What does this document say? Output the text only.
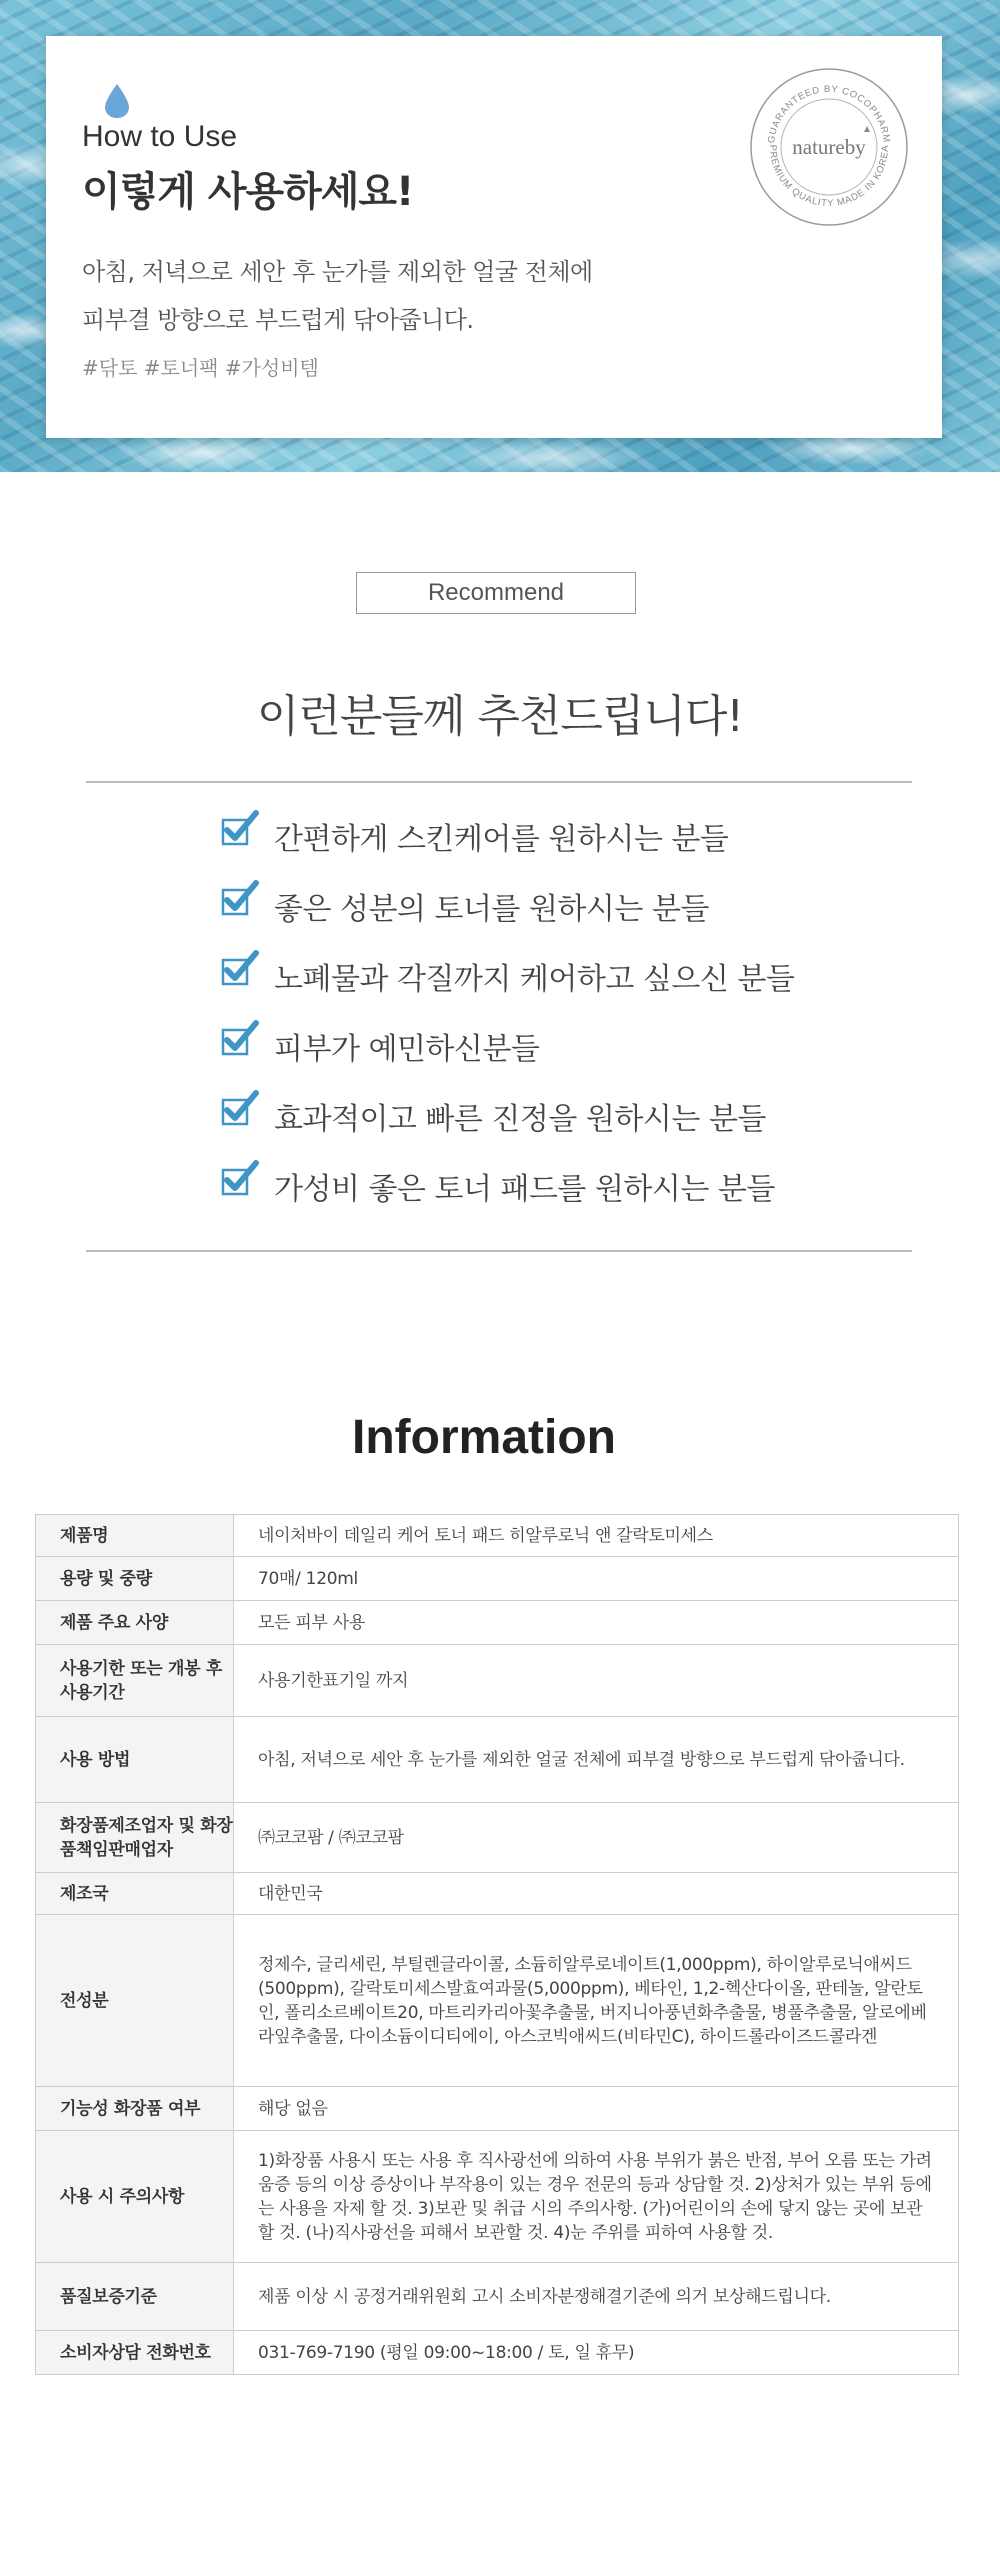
How to Use
이렇게 사용하세요!
아침, 저녁으로 세안 후 눈가를 제외한 얼굴 전체에
피부결 방향으로 부드럽게 닦아줍니다.
#닦토 #토너팩 #가성비템
GUARANTEED BY COCOPHARM
PREMIUM QUALITY MADE IN KOREA
natureby
Recommend
이런분들께 추천드립니다!
간편하게 스킨케어를 원하시는 분들
좋은 성분의 토너를 원하시는 분들
노폐물과 각질까지 케어하고 싶으신 분들
피부가 예민하신분들
효과적이고 빠른 진정을 원하시는 분들
가성비 좋은 토너 패드를 원하시는 분들
Information
제품명	네이처바이 데일리 케어 토너 패드 히알루로닉 앤 갈락토미세스
용량 및 중량	70매/ 120ml
제품 주요 사양	모든 피부 사용
사용기한 또는 개봉 후 사용기간	사용기한표기일 까지
사용 방법	아침, 저녁으로 세안 후 눈가를 제외한 얼굴 전체에 피부결 방향으로 부드럽게 닦아줍니다.
화장품제조업자 및 화장품책임판매업자	㈜코코팜 / ㈜코코팜
제조국	대한민국
전성분	정제수, 글리세린, 부틸렌글라이콜, 소듐히알루로네이트(1,000ppm), 하이알루로닉애씨드(500ppm), 갈락토미세스발효여과물(5,000ppm), 베타인, 1,2-헥산다이올, 판테놀, 알란토인, 폴리소르베이트20, 마트리카리아꽃추출물, 버지니아풍년화추출물, 병풀추출물, 알로에베라잎추출물, 다이소듐이디티에이, 아스코빅애씨드(비타민C), 하이드롤라이즈드콜라겐
기능성 화장품 여부	해당 없음
사용 시 주의사항	1)화장품 사용시 또는 사용 후 직사광선에 의하여 사용 부위가 붉은 반점, 부어 오름 또는 가려움증 등의 이상 증상이나 부작용이 있는 경우 전문의 등과 상담할 것. 2)상처가 있는 부위 등에는 사용을 자제 할 것. 3)보관 및 취급 시의 주의사항. (가)어린이의 손에 닿지 않는 곳에 보관 할 것. (나)직사광선을 피해서 보관할 것. 4)눈 주위를 피하여 사용할 것.
품질보증기준	제품 이상 시 공정거래위원회 고시 소비자분쟁해결기준에 의거 보상해드립니다.
소비자상담 전화번호	031-769-7190 (평일 09:00~18:00 / 토, 일 휴무)
